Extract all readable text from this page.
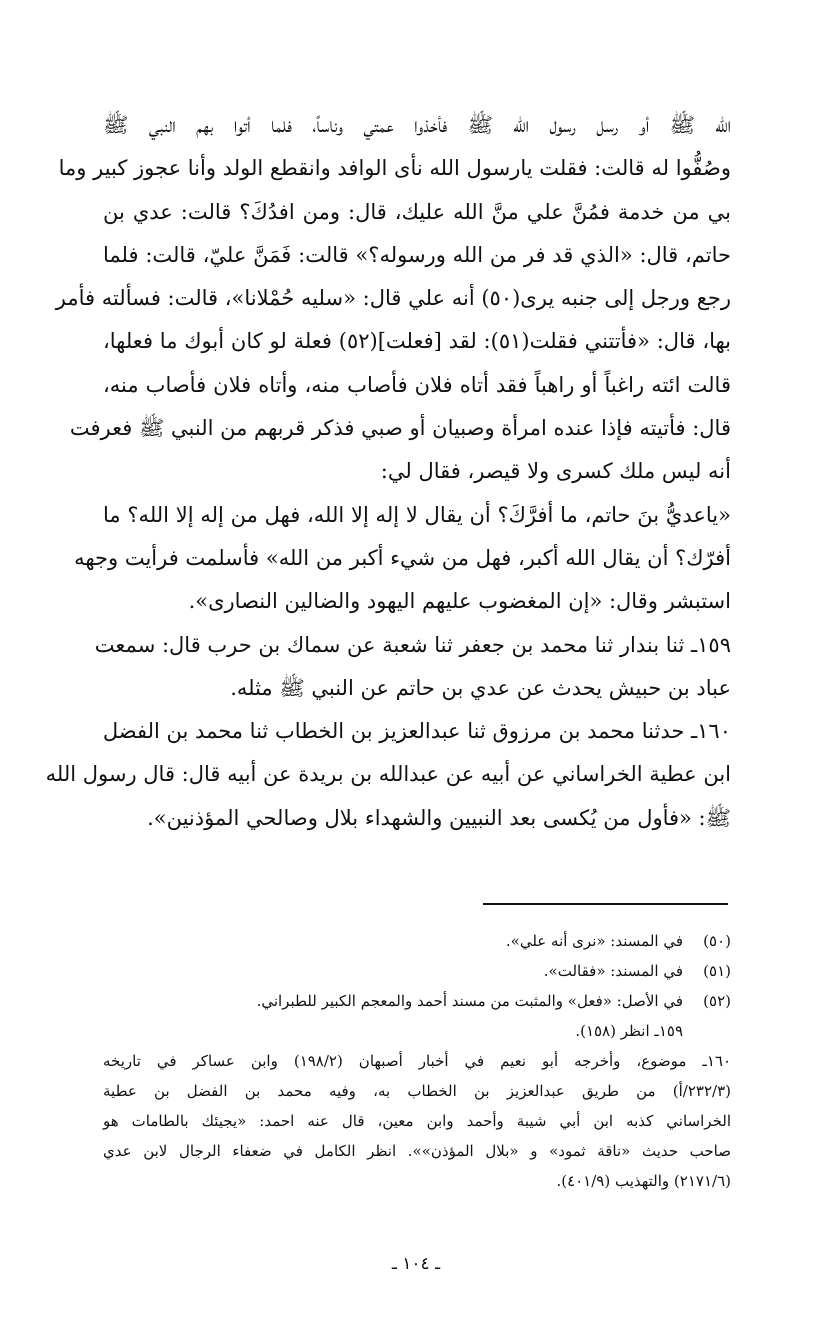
الله ﷺ أو رسل رسول الله ﷺ فأخذوا عمتي وناساً، فلما أتوا بهم النبي ﷺ
وصُفُّوا له قالت: فقلت يارسول الله نأى الوافد وانقطع الولد وأنا عجوز كبير وما
بي من خدمة فمُنَّ علي منَّ الله عليك، قال: ومن افدُكَ؟ قالت: عدي بن
حاتم، قال: «الذي قد فر من الله ورسوله؟» قالت: فَمَنَّ عليّ، قالت: فلما
رجع ورجل إلى جنبه يرى(٥٠) أنه علي قال: «سليه حُمْلانا»، قالت: فسألته فأمر
بها، قال: «فأتتني فقلت(٥١): لقد [فعلت](٥٢) فعلة لو كان أبوك ما فعلها،
قالت ائته راغباً أو راهباً فقد أتاه فلان فأصاب منه، وأتاه فلان فأصاب منه،
قال: فأتيته فإذا عنده امرأة وصبيان أو صبي فذكر قربهم من النبي ﷺ فعرفت
أنه ليس ملك كسرى ولا قيصر، فقال لي:
«ياعديُّ بنَ حاتم، ما أفرَّكَ؟ أن يقال لا إله إلا الله، فهل من إله إلا الله؟ ما
أفرّك؟ أن يقال الله أكبر، فهل من شيء أكبر من الله» فأسلمت فرأيت وجهه
استبشر وقال: «إن المغضوب عليهم اليهود والضالين النصارى».
١٥٩ـ ثنا بندار ثنا محمد بن جعفر ثنا شعبة عن سماك بن حرب قال: سمعت
عباد بن حبيش يحدث عن عدي بن حاتم عن النبي ﷺ مثله.
١٦٠ـ حدثنا محمد بن مرزوق ثنا عبدالعزيز بن الخطاب ثنا محمد بن الفضل
ابن عطية الخراساني عن أبيه عن عبدالله بن بريدة عن أبيه قال: قال رسول الله
ﷺ: «فأول من يُكسى بعد النبيين والشهداء بلال وصالحي المؤذنين».
(٥٠)في المسند: «نرى أنه علي».
(٥١)في المسند: «فقالت».
(٥٢)في الأصل: «فعل» والمثبت من مسند أحمد والمعجم الكبير للطبراني.
١٥٩ـ انظر (١٥٨).
١٦٠ـ موضوع، وأخرجه أبو نعيم في أخبار أصبهان (١٩٨/٢) وابن عساكر في تاريخه
(٢٣٢/٣/أ) من طريق عبدالعزيز بن الخطاب به، وفيه محمد بن الفضل بن عطية
الخراساني كذبه ابن أبي شيبة وأحمد وابن معين، قال عنه احمد: «يجيئك بالطامات هو
صاحب حديث «ناقة ثمود» و «بلال المؤذن»». انظر الكامل في ضعفاء الرجال لابن عدي
(٢١٧١/٦) والتهذيب (٤٠١/٩).
ـ ١٠٤ ـ
